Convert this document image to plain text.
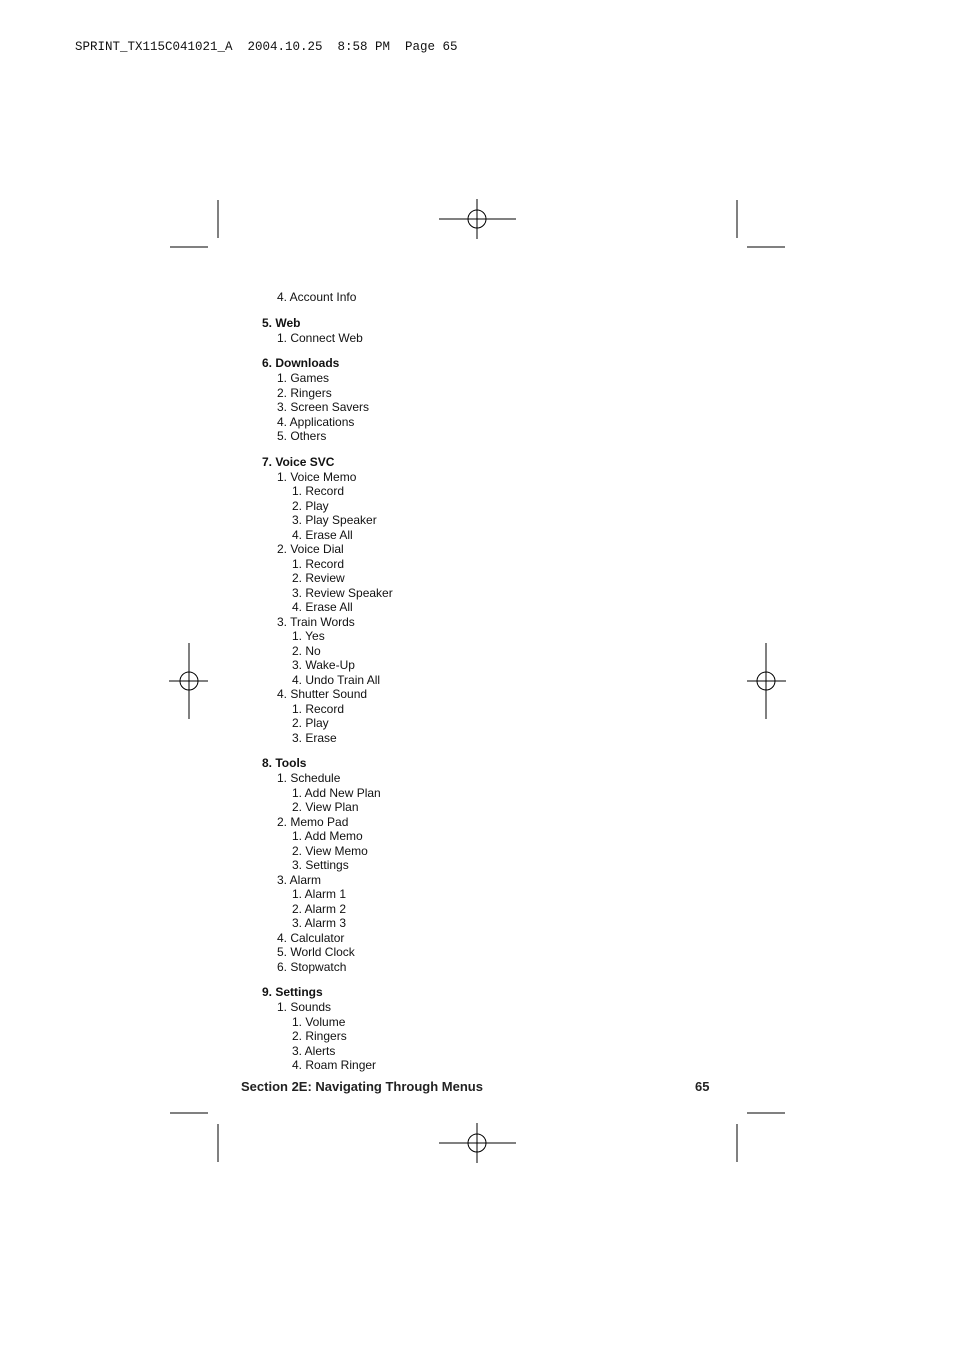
SPRINT_TX115C041021_A  2004.10.25  8:58 PM  Page 65
4. Account Info
5. Web
1. Connect Web
6. Downloads
1. Games
2. Ringers
3. Screen Savers
4. Applications
5. Others
7. Voice SVC
1. Voice Memo
1. Record
2. Play
3. Play Speaker
4. Erase All
2. Voice Dial
1. Record
2. Review
3. Review Speaker
4. Erase All
3. Train Words
1. Yes
2. No
3. Wake-Up
4. Undo Train All
4. Shutter Sound
1. Record
2. Play
3. Erase
8. Tools
1. Schedule
1. Add New Plan
2. View Plan
2. Memo Pad
1. Add Memo
2. View Memo
3. Settings
3. Alarm
1. Alarm 1
2. Alarm 2
3. Alarm 3
4. Calculator
5. World Clock
6. Stopwatch
9. Settings
1. Sounds
1. Volume
2. Ringers
3. Alerts
4. Roam Ringer
Section 2E: Navigating Through Menus	65
